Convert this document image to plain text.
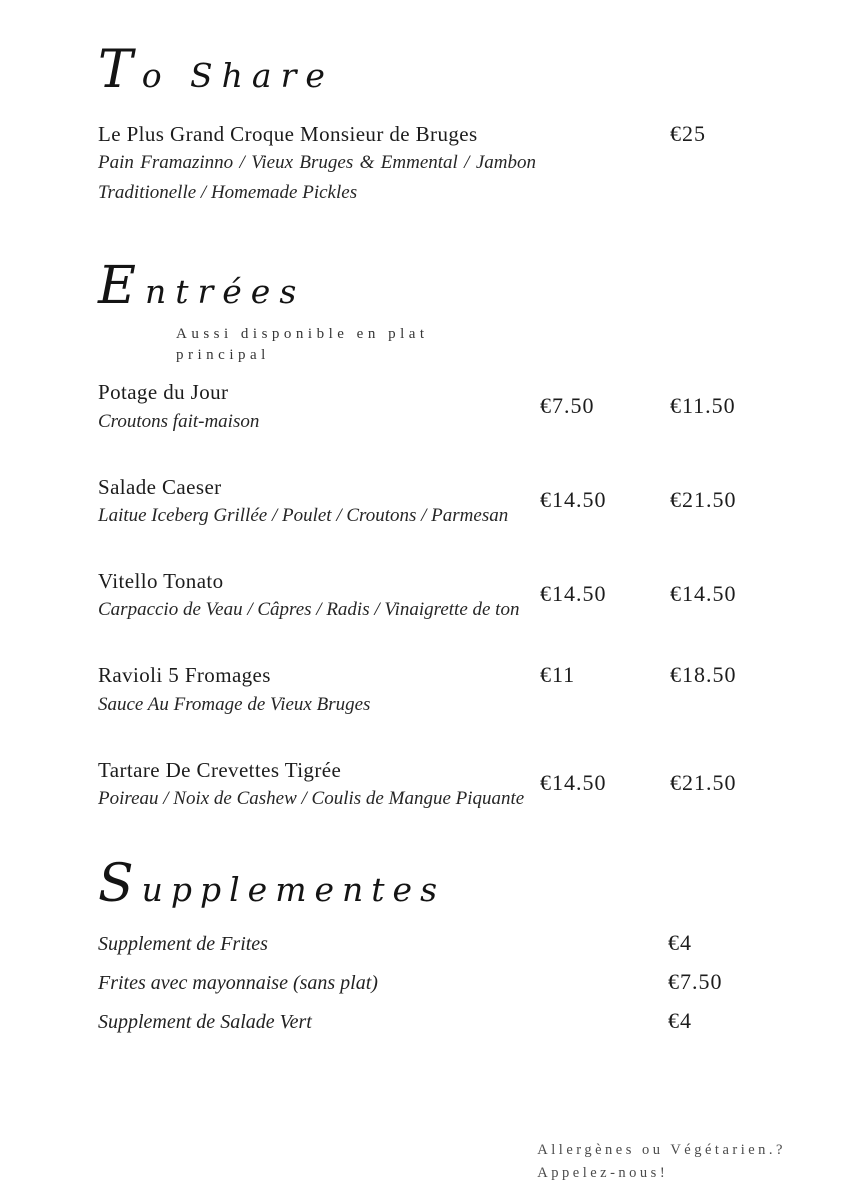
To Share
Le Plus Grand Croque Monsieur de Bruges
Pain Framazinno / Vieux Bruges & Emmental / Jambon Traditionelle / Homemade Pickles
€25
Entrées
Aussi disponible en plat principal
Potage du Jour
Croutons fait-maison
€7.50	€11.50
Salade Caeser
Laitue Iceberg Grillée / Poulet / Croutons / Parmesan
€14.50	€21.50
Vitello Tonato
Carpaccio de Veau / Câpres / Radis / Vinaigrette de ton
€14.50	€14.50
Ravioli 5 Fromages
Sauce Au Fromage de Vieux Bruges
€11	€18.50
Tartare De Crevettes Tigrée
Poireau / Noix de Cashew / Coulis de Mangue Piquante
€14.50	€21.50
Supplementes
Supplement de Frites	€4
Frites avec mayonnaise (sans plat)	€7.50
Supplement de Salade Vert	€4
Allergènes ou Végétarien.?
Appelez-nous!
